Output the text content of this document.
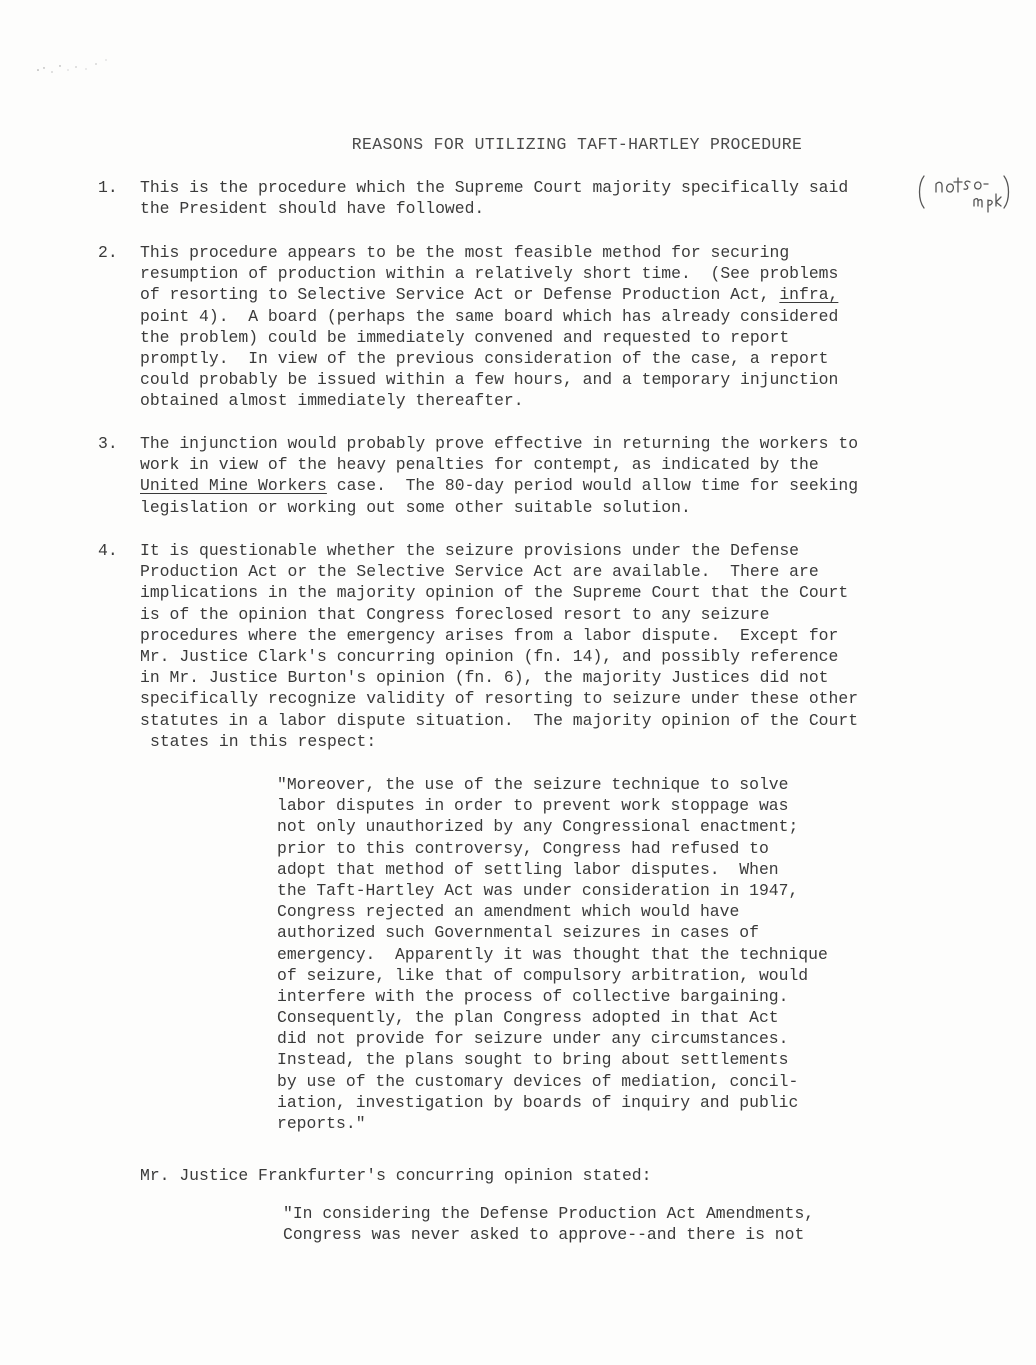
REASONS FOR UTILIZING TAFT-HARTLEY PROCEDURE
1. This is the procedure which the Supreme Court majority specifically said
the President should have followed.
2. This procedure appears to be the most feasible method for securing
resumption of production within a relatively short time.  (See problems
of resorting to Selective Service Act or Defense Production Act, infra,
point 4).  A board (perhaps the same board which has already considered
the problem) could be immediately convened and requested to report
promptly.  In view of the previous consideration of the case, a report
could probably be issued within a few hours, and a temporary injunction
obtained almost immediately thereafter.
3. The injunction would probably prove effective in returning the workers to
work in view of the heavy penalties for contempt, as indicated by the
United Mine Workers case.  The 80-day period would allow time for seeking
legislation or working out some other suitable solution.
4. It is questionable whether the seizure provisions under the Defense
Production Act or the Selective Service Act are available.  There are
implications in the majority opinion of the Supreme Court that the Court
is of the opinion that Congress foreclosed resort to any seizure
procedures where the emergency arises from a labor dispute.  Except for
Mr. Justice Clark's concurring opinion (fn. 14), and possibly reference
in Mr. Justice Burton's opinion (fn. 6), the majority Justices did not
specifically recognize validity of resorting to seizure under these other
statutes in a labor dispute situation.  The majority opinion of the Court
states in this respect:
"Moreover, the use of the seizure technique to solve
labor disputes in order to prevent work stoppage was
not only unauthorized by any Congressional enactment;
prior to this controversy, Congress had refused to
adopt that method of settling labor disputes.  When
the Taft-Hartley Act was under consideration in 1947,
Congress rejected an amendment which would have
authorized such Governmental seizures in cases of
emergency.  Apparently it was thought that the technique
of seizure, like that of compulsory arbitration, would
interfere with the process of collective bargaining.
Consequently, the plan Congress adopted in that Act
did not provide for seizure under any circumstances.
Instead, the plans sought to bring about settlements
by use of the customary devices of mediation, concil-
iation, investigation by boards of inquiry and public
reports."
Mr. Justice Frankfurter's concurring opinion stated:
"In considering the Defense Production Act Amendments,
Congress was never asked to approve--and there is not
